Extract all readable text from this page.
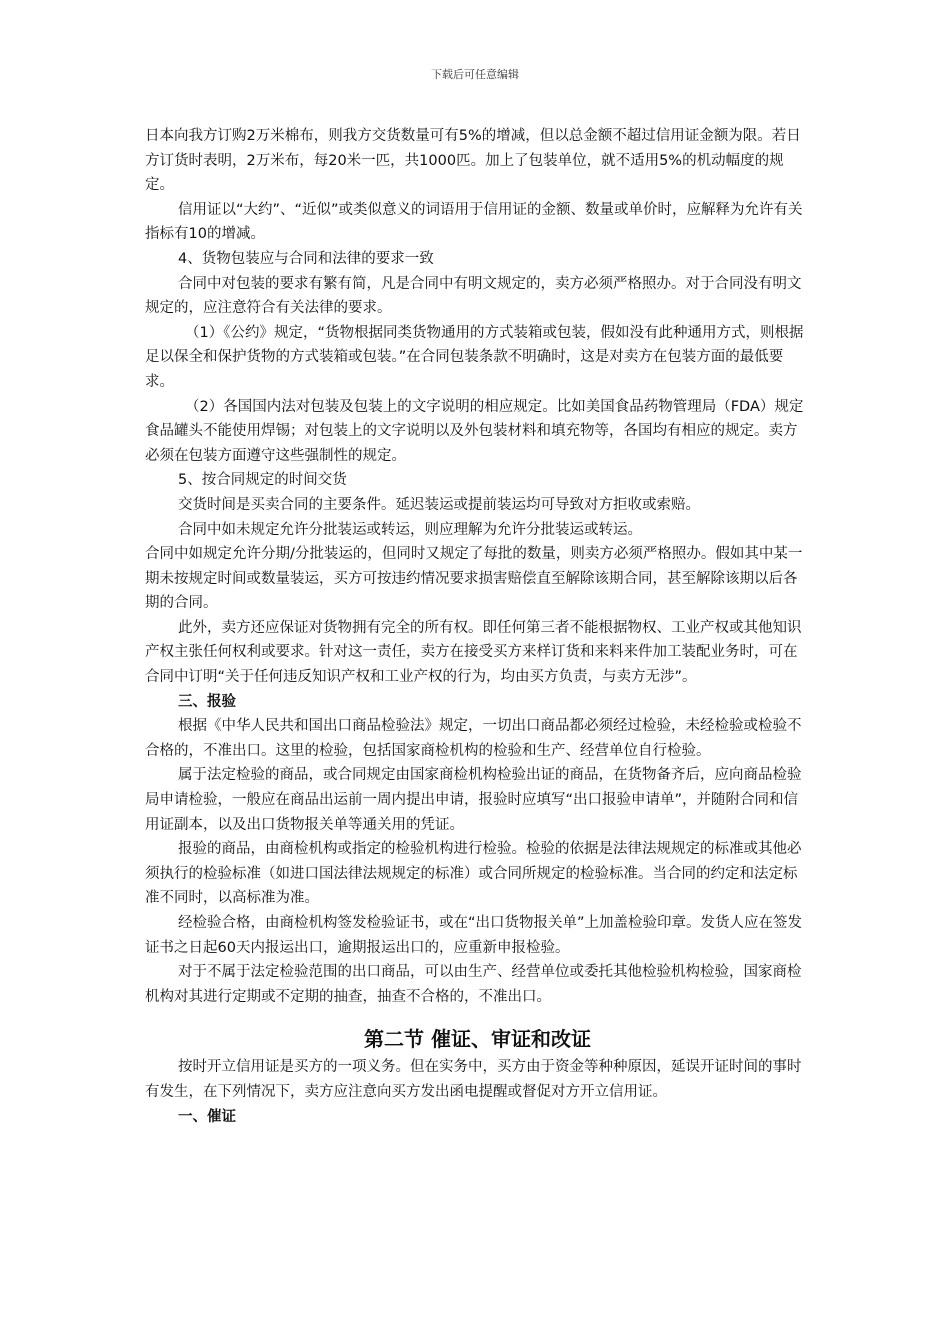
下载后可任意编辑

日本向我方订购2万米棉布，则我方交货数量可有5%的增减，但以总金额不超过信用证金额为限。若日方订货时表明，2万米布，每20米一匹，共1000匹。加上了包装单位，就不适用5%的机动幅度的规定。

信用证以“大约”、“近似”或类似意义的词语用于信用证的金额、数量或单价时，应解释为允许有关指标有10的增减。

4、货物包装应与合同和法律的要求一致

合同中对包装的要求有繁有简，凡是合同中有明文规定的，卖方必须严格照办。对于合同没有明文规定的，应注意符合有关法律的要求。

（1）《公约》规定，“货物根据同类货物通用的方式装箱或包装，假如没有此种通用方式，则根据足以保全和保护货物的方式装箱或包装。”在合同包装条款不明确时，这是对卖方在包装方面的最低要求。

（2）各国国内法对包装及包装上的文字说明的相应规定。比如美国食品药物管理局（FDA）规定食品罐头不能使用焊锡；对包装上的文字说明以及外包装材料和填充物等，各国均有相应的规定。卖方必须在包装方面遵守这些强制性的规定。

5、按合同规定的时间交货

交货时间是买卖合同的主要条件。延迟装运或提前装运均可导致对方拒收或索赔。

合同中如未规定允许分批装运或转运，则应理解为允许分批装运或转运。

合同中如规定允许分期/分批装运的，但同时又规定了每批的数量，则卖方必须严格照办。假如其中某一期未按规定时间或数量装运，买方可按违约情况要求损害赔偿直至解除该期合同，甚至解除该期以后各期的合同。

此外，卖方还应保证对货物拥有完全的所有权。即任何第三者不能根据物权、工业产权或其他知识产权主张任何权利或要求。针对这一责任，卖方在接受买方来样订货和来料来件加工装配业务时，可在合同中订明“关于任何违反知识产权和工业产权的行为，均由买方负责，与卖方无涉”。

三、报验

根据《中华人民共和国出口商品检验法》规定，一切出口商品都必须经过检验，未经检验或检验不合格的，不准出口。这里的检验，包括国家商检机构的检验和生产、经营单位自行检验。

属于法定检验的商品，或合同规定由国家商检机构检验出证的商品，在货物备齐后，应向商品检验局申请检验，一般应在商品出运前一周内提出申请，报验时应填写“出口报验申请单”，并随附合同和信用证副本，以及出口货物报关单等通关用的凭证。

报验的商品，由商检机构或指定的检验机构进行检验。检验的依据是法律法规规定的标准或其他必须执行的检验标准（如进口国法律法规规定的标准）或合同所规定的检验标准。当合同的约定和法定标准不同时，以高标准为准。

经检验合格，由商检机构签发检验证书，或在“出口货物报关单”上加盖检验印章。发货人应在签发证书之日起60天内报运出口，逾期报运出口的，应重新申报检验。

对于不属于法定检验范围的出口商品，可以由生产、经营单位或委托其他检验机构检验，国家商检机构对其进行定期或不定期的抽查，抽查不合格的，不准出口。

第二节 催证、审证和改证

按时开立信用证是买方的一项义务。但在实务中，买方由于资金等种种原因，延误开证时间的事时有发生，在下列情况下，卖方应注意向买方发出函电提醒或督促对方开立信用证。

一、催证
